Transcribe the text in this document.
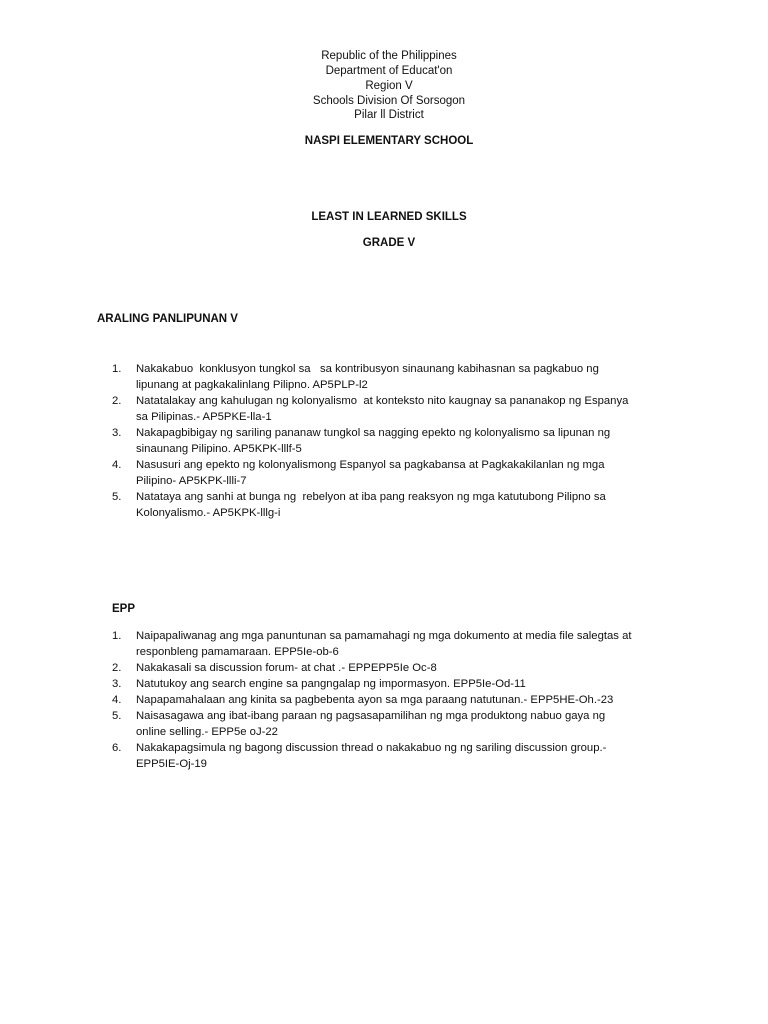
Republic of the Philippines
Department of Educat'on
Region V
Schools Division Of Sorsogon
Pilar ll District
NASPI ELEMENTARY SCHOOL
LEAST IN LEARNED SKILLS
GRADE V
ARALING PANLIPUNAN V
1. Nakakabuo  konklusyon tungkol sa   sa kontribusyon sinaunang kabihasnan sa pagkabuo ng
lipunang at pagkakalinlang Pilipno. AP5PLP-l2
2. Natatalakay ang kahulugan ng kolonyalismo  at konteksto nito kaugnay sa pananakop ng Espanya
sa Pilipinas.- AP5PKE-lla-1
3. Nakapagbibigay ng sariling pananaw tungkol sa nagging epekto ng kolonyalismo sa lipunan ng
sinaunang Pilipino. AP5KPK-lllf-5
4. Nasusuri ang epekto ng kolonyalismong Espanyol sa pagkabansa at Pagkakakilanlan ng mga
Pilipino- AP5KPK-llli-7
5. Natataya ang sanhi at bunga ng  rebelyon at iba pang reaksyon ng mga katutubong Pilipno sa
Kolonyalismo.- AP5KPK-lllg-i
EPP
1. Naipapaliwanag ang mga panuntunan sa pamamahagi ng mga dokumento at media file salegtas at
responbleng pamamaraan. EPP5Ie-ob-6
2. Nakakasali sa discussion forum- at chat .- EPPEPP5Ie Oc-8
3. Natutukoy ang search engine sa pangngalap ng impormasyon. EPP5Ie-Od-11
4. Napapamahalaan ang kinita sa pagbebenta ayon sa mga paraang natutunan.- EPP5HE-Oh.-23
5. Naisasagawa ang ibat-ibang paraan ng pagsasapamilihan ng mga produktong nabuo gaya ng
online selling.- EPP5e oJ-22
6. Nakakapagsimula ng bagong discussion thread o nakakabuo ng ng sariling discussion group.-
EPP5IE-Oj-19
